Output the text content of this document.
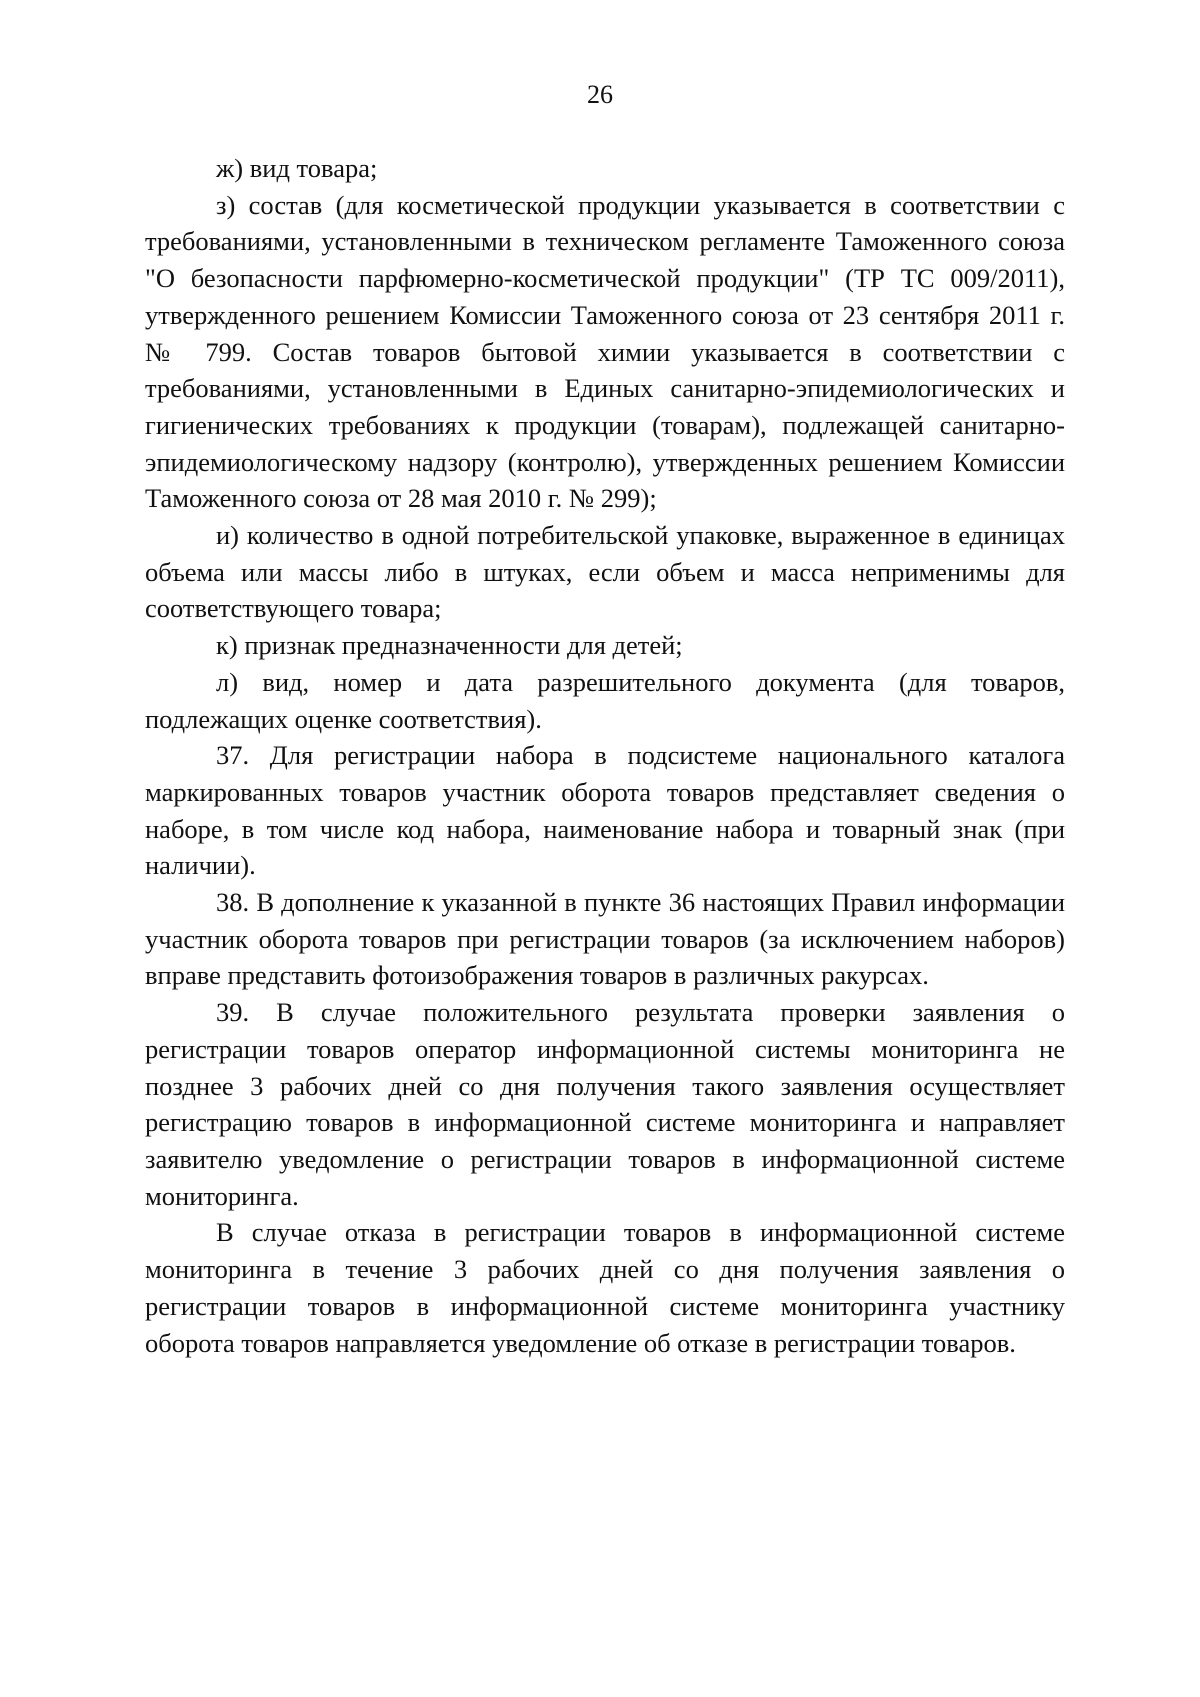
26

ж) вид товара;

з) состав (для косметической продукции указывается в соответствии с требованиями, установленными в техническом регламенте Таможенного союза "О безопасности парфюмерно-косметической продукции" (ТР ТС 009/2011), утвержденного решением Комиссии Таможенного союза от 23 сентября 2011 г. № 799. Состав товаров бытовой химии указывается в соответствии с требованиями, установленными в Единых санитарно-эпидемиологических и гигиенических требованиях к продукции (товарам), подлежащей санитарно-эпидемиологическому надзору (контролю), утвержденных решением Комиссии Таможенного союза от 28 мая 2010 г. № 299);

и) количество в одной потребительской упаковке, выраженное в единицах объема или массы либо в штуках, если объем и масса неприменимы для соответствующего товара;

к) признак предназначенности для детей;

л) вид, номер и дата разрешительного документа (для товаров, подлежащих оценке соответствия).

37. Для регистрации набора в подсистеме национального каталога маркированных товаров участник оборота товаров представляет сведения о наборе, в том числе код набора, наименование набора и товарный знак (при наличии).

38. В дополнение к указанной в пункте 36 настоящих Правил информации участник оборота товаров при регистрации товаров (за исключением наборов) вправе представить фотоизображения товаров в различных ракурсах.

39. В случае положительного результата проверки заявления о регистрации товаров оператор информационной системы мониторинга не позднее 3 рабочих дней со дня получения такого заявления осуществляет регистрацию товаров в информационной системе мониторинга и направляет заявителю уведомление о регистрации товаров в информационной системе мониторинга.

В случае отказа в регистрации товаров в информационной системе мониторинга в течение 3 рабочих дней со дня получения заявления о регистрации товаров в информационной системе мониторинга участнику оборота товаров направляется уведомление об отказе в регистрации товаров.
